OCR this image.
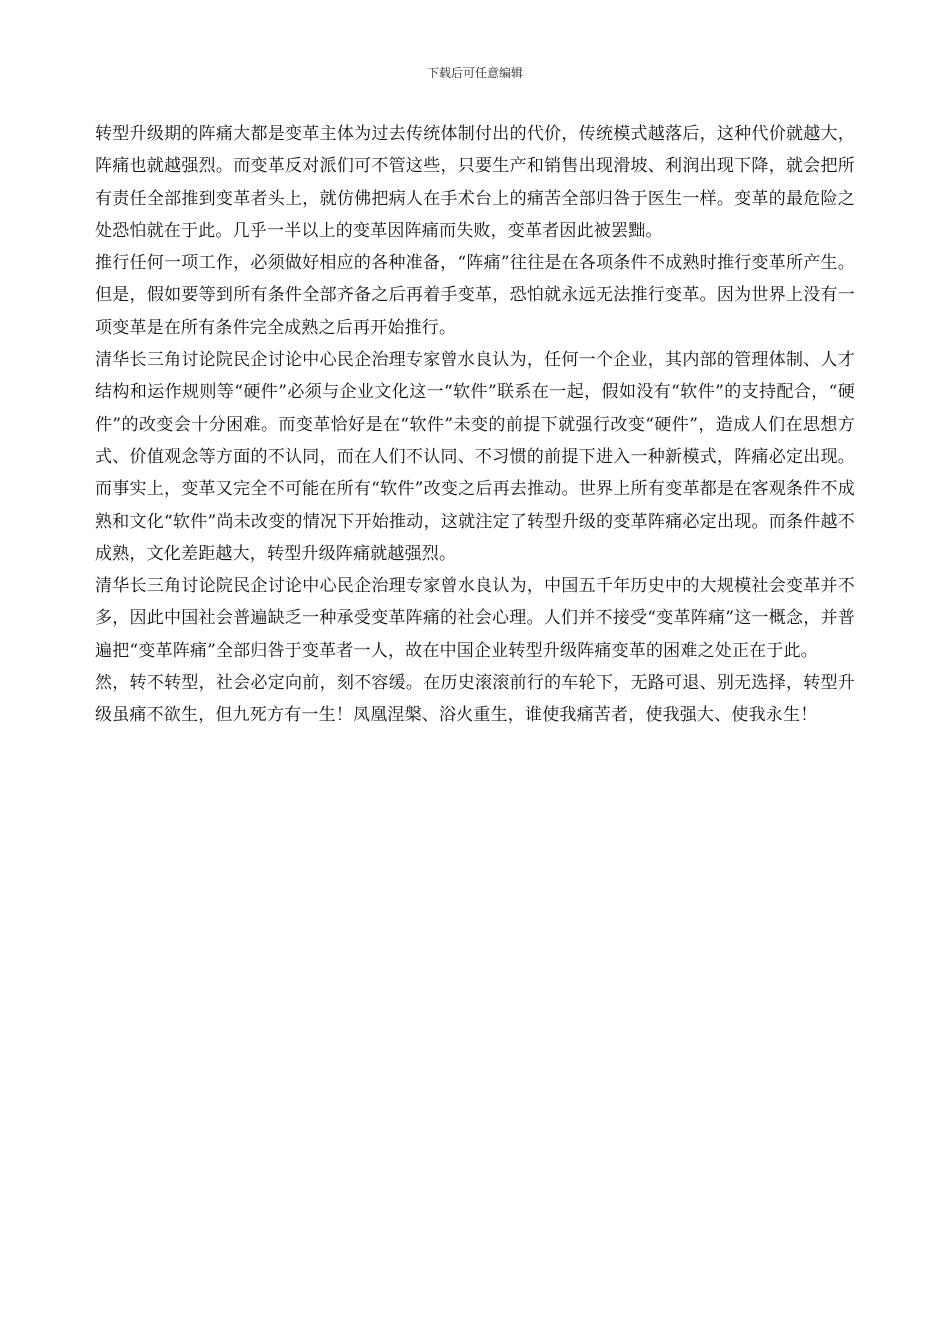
下载后可任意编辑

转型升级期的阵痛大都是变革主体为过去传统体制付出的代价，传统模式越落后，这种代价就越大，阵痛也就越强烈。而变革反对派们可不管这些，只要生产和销售出现滑坡、利润出现下降，就会把所有责任全部推到变革者头上，就仿佛把病人在手术台上的痛苦全部归咎于医生一样。变革的最危险之处恐怕就在于此。几乎一半以上的变革因阵痛而失败，变革者因此被罢黜。

推行任何一项工作，必须做好相应的各种准备，“阵痛”往往是在各项条件不成熟时推行变革所产生。但是，假如要等到所有条件全部齐备之后再着手变革，恐怕就永远无法推行变革。因为世界上没有一项变革是在所有条件完全成熟之后再开始推行。

清华长三角讨论院民企讨论中心民企治理专家曾水良认为，任何一个企业，其内部的管理体制、人才结构和运作规则等“硬件”必须与企业文化这一“软件”联系在一起，假如没有“软件”的支持配合，“硬件”的改变会十分困难。而变革恰好是在“软件”未变的前提下就强行改变“硬件”，造成人们在思想方式、价值观念等方面的不认同，而在人们不认同、不习惯的前提下进入一种新模式，阵痛必定出现。而事实上，变革又完全不可能在所有“软件”改变之后再去推动。世界上所有变革都是在客观条件不成熟和文化“软件”尚未改变的情况下开始推动，这就注定了转型升级的变革阵痛必定出现。而条件越不成熟，文化差距越大，转型升级阵痛就越强烈。

清华长三角讨论院民企讨论中心民企治理专家曾水良认为，中国五千年历史中的大规模社会变革并不多，因此中国社会普遍缺乏一种承受变革阵痛的社会心理。人们并不接受“变革阵痛”这一概念，并普遍把“变革阵痛”全部归咎于变革者一人，故在中国企业转型升级阵痛变革的困难之处正在于此。

然，转不转型，社会必定向前，刻不容缓。在历史滚滚前行的车轮下，无路可退、别无选择，转型升级虽痛不欲生，但九死方有一生！凤凰涅槃、浴火重生，谁使我痛苦者，使我强大、使我永生！
